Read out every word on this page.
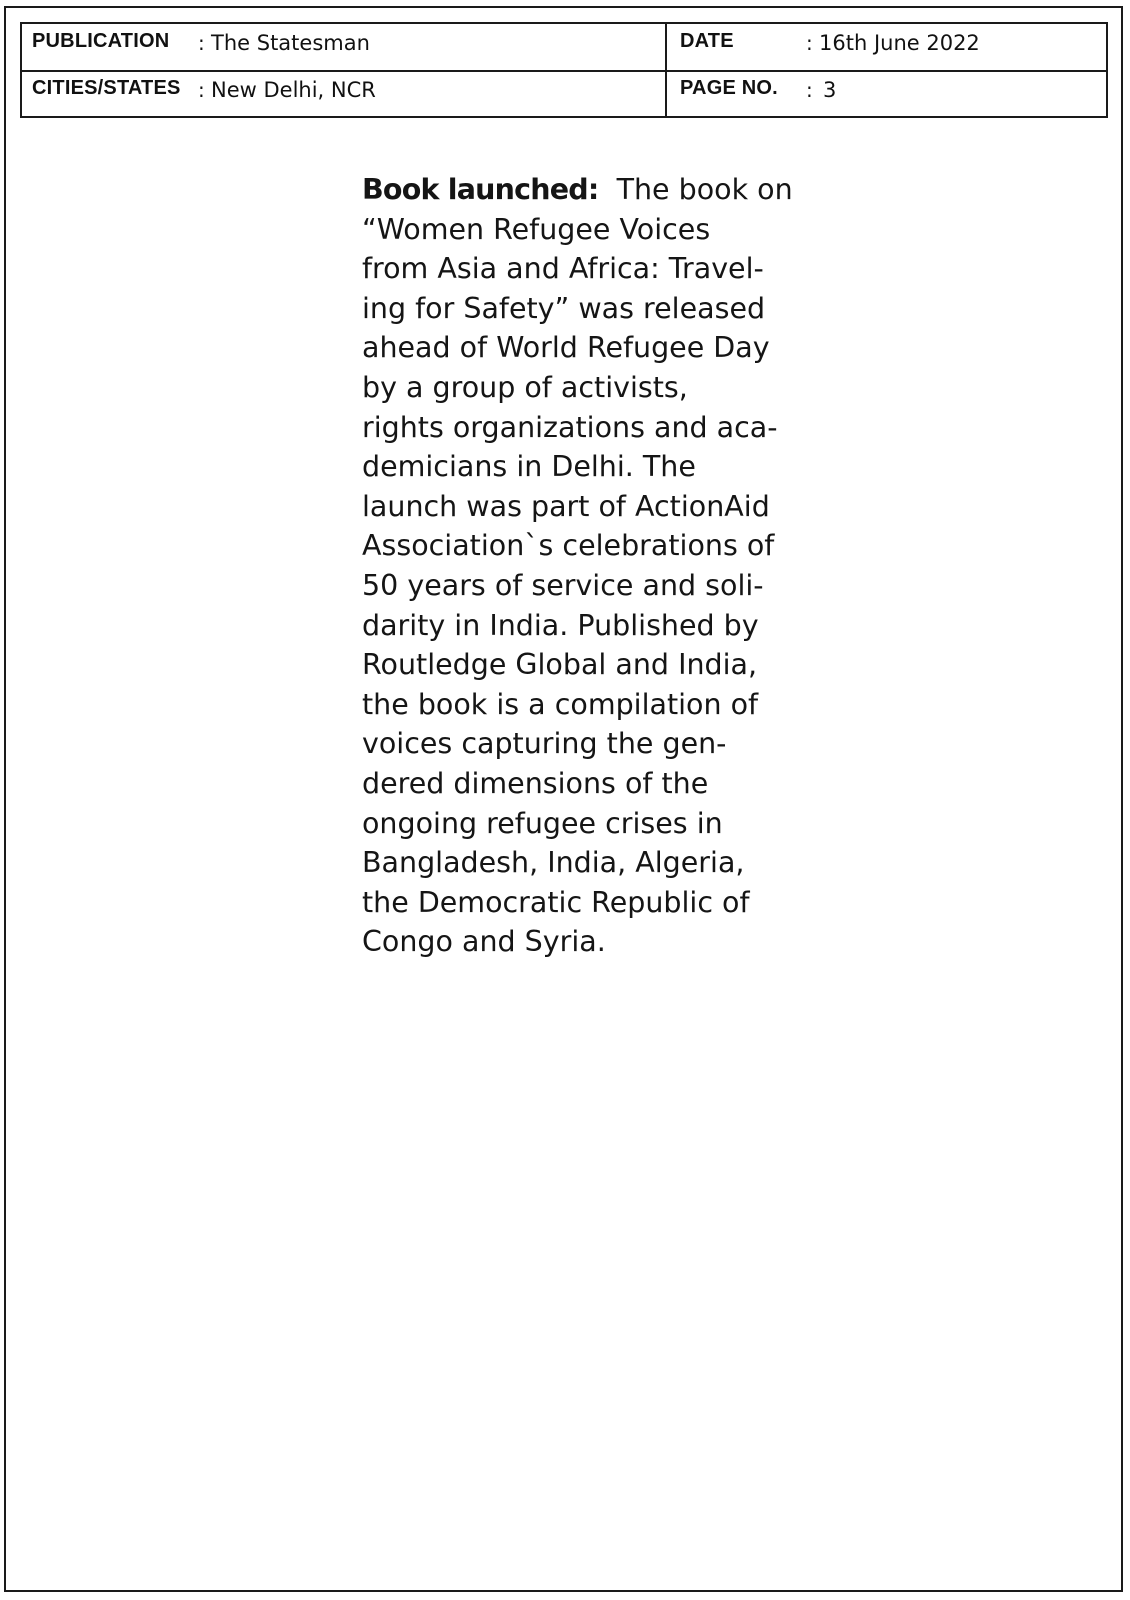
PUBLICATION : The Statesman	DATE	: 16th June 2022
CITIES/STATES : New Delhi, NCR	PAGE NO. : 3
Book launched: The book on
“Women Refugee Voices
from Asia and Africa: Travel-
ing for Safety” was released
ahead of World Refugee Day
by a group of activists,
rights organizations and aca-
demicians in Delhi. The
launch was part of ActionAid
Association`s celebrations of
50 years of service and soli-
darity in India. Published by
Routledge Global and India,
the book is a compilation of
voices capturing the gen-
dered dimensions of the
ongoing refugee crises in
Bangladesh, India, Algeria,
the Democratic Republic of
Congo and Syria.
